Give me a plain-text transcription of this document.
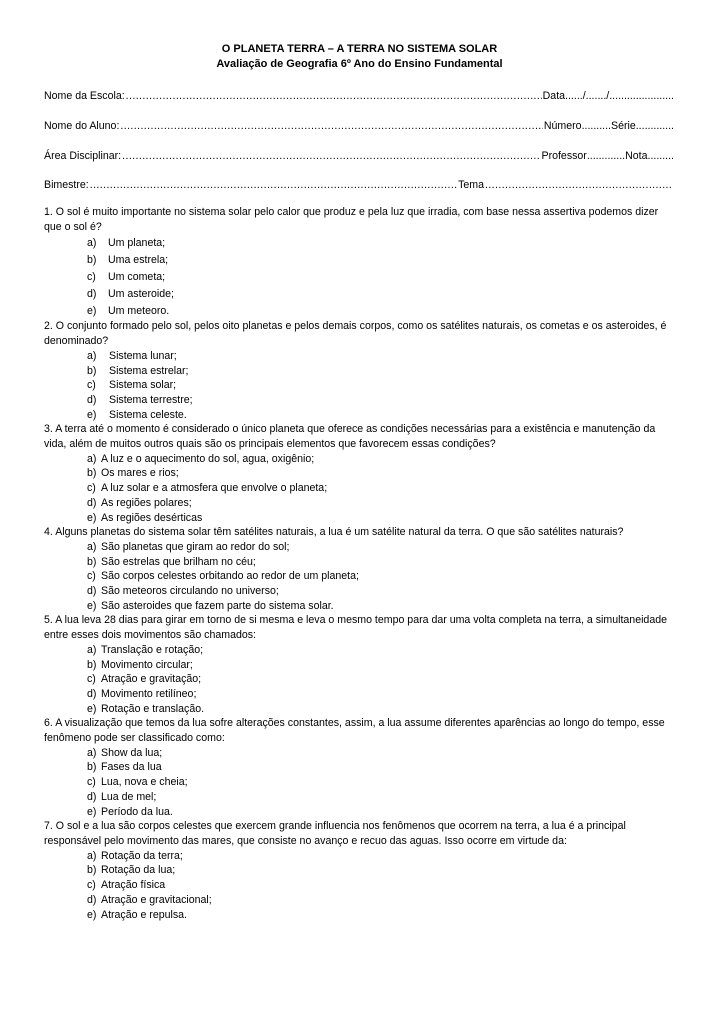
O PLANETA TERRA – A TERRA NO SISTEMA SOLAR
Avaliação de Geografia 6º Ano do Ensino Fundamental
Nome da Escola: .....	Data ...... / ....... / ......................
Nome do Aluno: .....	Número .......... Série .............
Área Disciplinar: .....	Professor ............. Nota .........
Bimestre: .....	Tema
.....
1. O sol é muito importante no sistema solar pelo calor que produz e pela luz que irradia, com base nessa assertiva podemos dizer que o sol é?
a) Um planeta;
b) Uma estrela;
c) Um cometa;
d) Um asteroide;
e) Um meteoro.
2. O conjunto formado pelo sol, pelos oito planetas e pelos demais corpos, como os satélites naturais, os cometas e os asteroides, é denominado?
a) Sistema lunar;
b) Sistema estrelar;
c) Sistema solar;
d) Sistema terrestre;
e) Sistema celeste.
3. A terra até o momento é considerado o único planeta que oferece as condições necessárias para a existência e manutenção da vida, além de muitos outros quais são os principais elementos que favorecem essas condições?
a) A luz e o aquecimento do sol, agua, oxigênio;
b) Os mares e rios;
c) A luz solar e a atmosfera que envolve o planeta;
d) As regiões polares;
e) As regiões desérticas
4. Alguns planetas do sistema solar têm satélites naturais, a lua é um satélite natural da terra. O que são satélites naturais?
a) São planetas que giram ao redor do sol;
b) São estrelas que brilham no céu;
c) São corpos celestes orbitando ao redor de um planeta;
d) São meteoros circulando no universo;
e) São asteroides que fazem parte do sistema solar.
5. A lua leva 28 dias para girar em torno de si mesma e leva o mesmo tempo para dar uma volta completa na terra, a simultaneidade entre esses dois movimentos são chamados:
a) Translação e rotação;
b) Movimento circular;
c) Atração e gravitação;
d) Movimento retilíneo;
e) Rotação e translação.
6. A visualização que temos da lua sofre alterações constantes, assim, a lua assume diferentes aparências ao longo do tempo, esse fenômeno pode ser classificado como:
a) Show da lua;
b) Fases da lua
c) Lua, nova e cheia;
d) Lua de mel;
e) Período da lua.
7. O sol e a lua são corpos celestes que exercem grande influencia nos fenômenos que ocorrem na terra, a lua é a principal responsável pelo movimento das mares, que consiste no avanço e recuo das aguas. Isso ocorre em virtude da:
a) Rotação da terra;
b) Rotação da lua;
c) Atração física
d) Atração e gravitacional;
e) Atração e repulsa.
